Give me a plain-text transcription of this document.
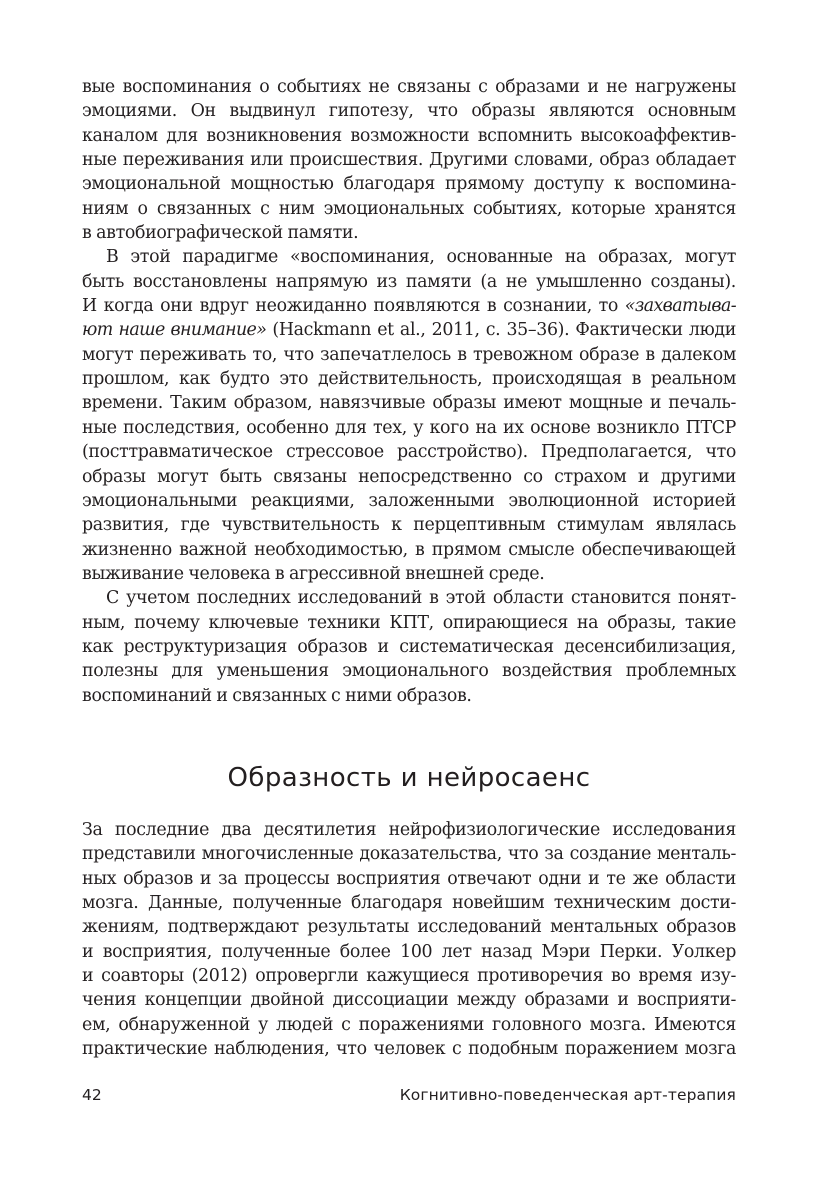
вые воспоминания о событиях не связаны с образами и не нагружены
эмоциями. Он выдвинул гипотезу, что образы являются основным
каналом для возникновения возможности вспомнить высокоаффектив-
ные переживания или происшествия. Другими словами, образ обладает
эмоциональной мощностью благодаря прямому доступу к воспомина-
ниям о связанных с ним эмоциональных событиях, которые хранятся
в автобиографической памяти.
В этой парадигме «воспоминания, основанные на образах, могут
быть восстановлены напрямую из памяти (а не умышленно созданы).
И когда они вдруг неожиданно появляются в сознании, то «захватыва-
ют наше внимание» (Hackmann et al., 2011, с. 35–36). Фактически люди
могут переживать то, что запечатлелось в тревожном образе в далеком
прошлом, как будто это действительность, происходящая в реальном
времени. Таким образом, навязчивые образы имеют мощные и печаль-
ные последствия, особенно для тех, у кого на их основе возникло ПТСР
(посттравматическое стрессовое расстройство). Предполагается, что
образы могут быть связаны непосредственно со страхом и другими
эмоциональными реакциями, заложенными эволюционной историей
развития, где чувствительность к перцептивным стимулам являлась
жизненно важной необходимостью, в прямом смысле обеспечивающей
выживание человека в агрессивной внешней среде.
С учетом последних исследований в этой области становится понят-
ным, почему ключевые техники КПТ, опирающиеся на образы, такие
как реструктуризация образов и систематическая десенсибилизация,
полезны для уменьшения эмоционального воздействия проблемных
воспоминаний и связанных с ними образов.
Образность и нейросаенс
За последние два десятилетия нейрофизиологические исследования
представили многочисленные доказательства, что за создание менталь-
ных образов и за процессы восприятия отвечают одни и те же области
мозга. Данные, полученные благодаря новейшим техническим дости-
жениям, подтверждают результаты исследований ментальных образов
и восприятия, полученные более 100 лет назад Мэри Перки. Уолкер
и соавторы (2012) опровергли кажущиеся противоречия во время изу-
чения концепции двойной диссоциации между образами и восприяти-
ем, обнаруженной у людей с поражениями головного мозга. Имеются
практические наблюдения, что человек с подобным поражением мозга
42	Когнитивно-поведенческая арт-терапия
